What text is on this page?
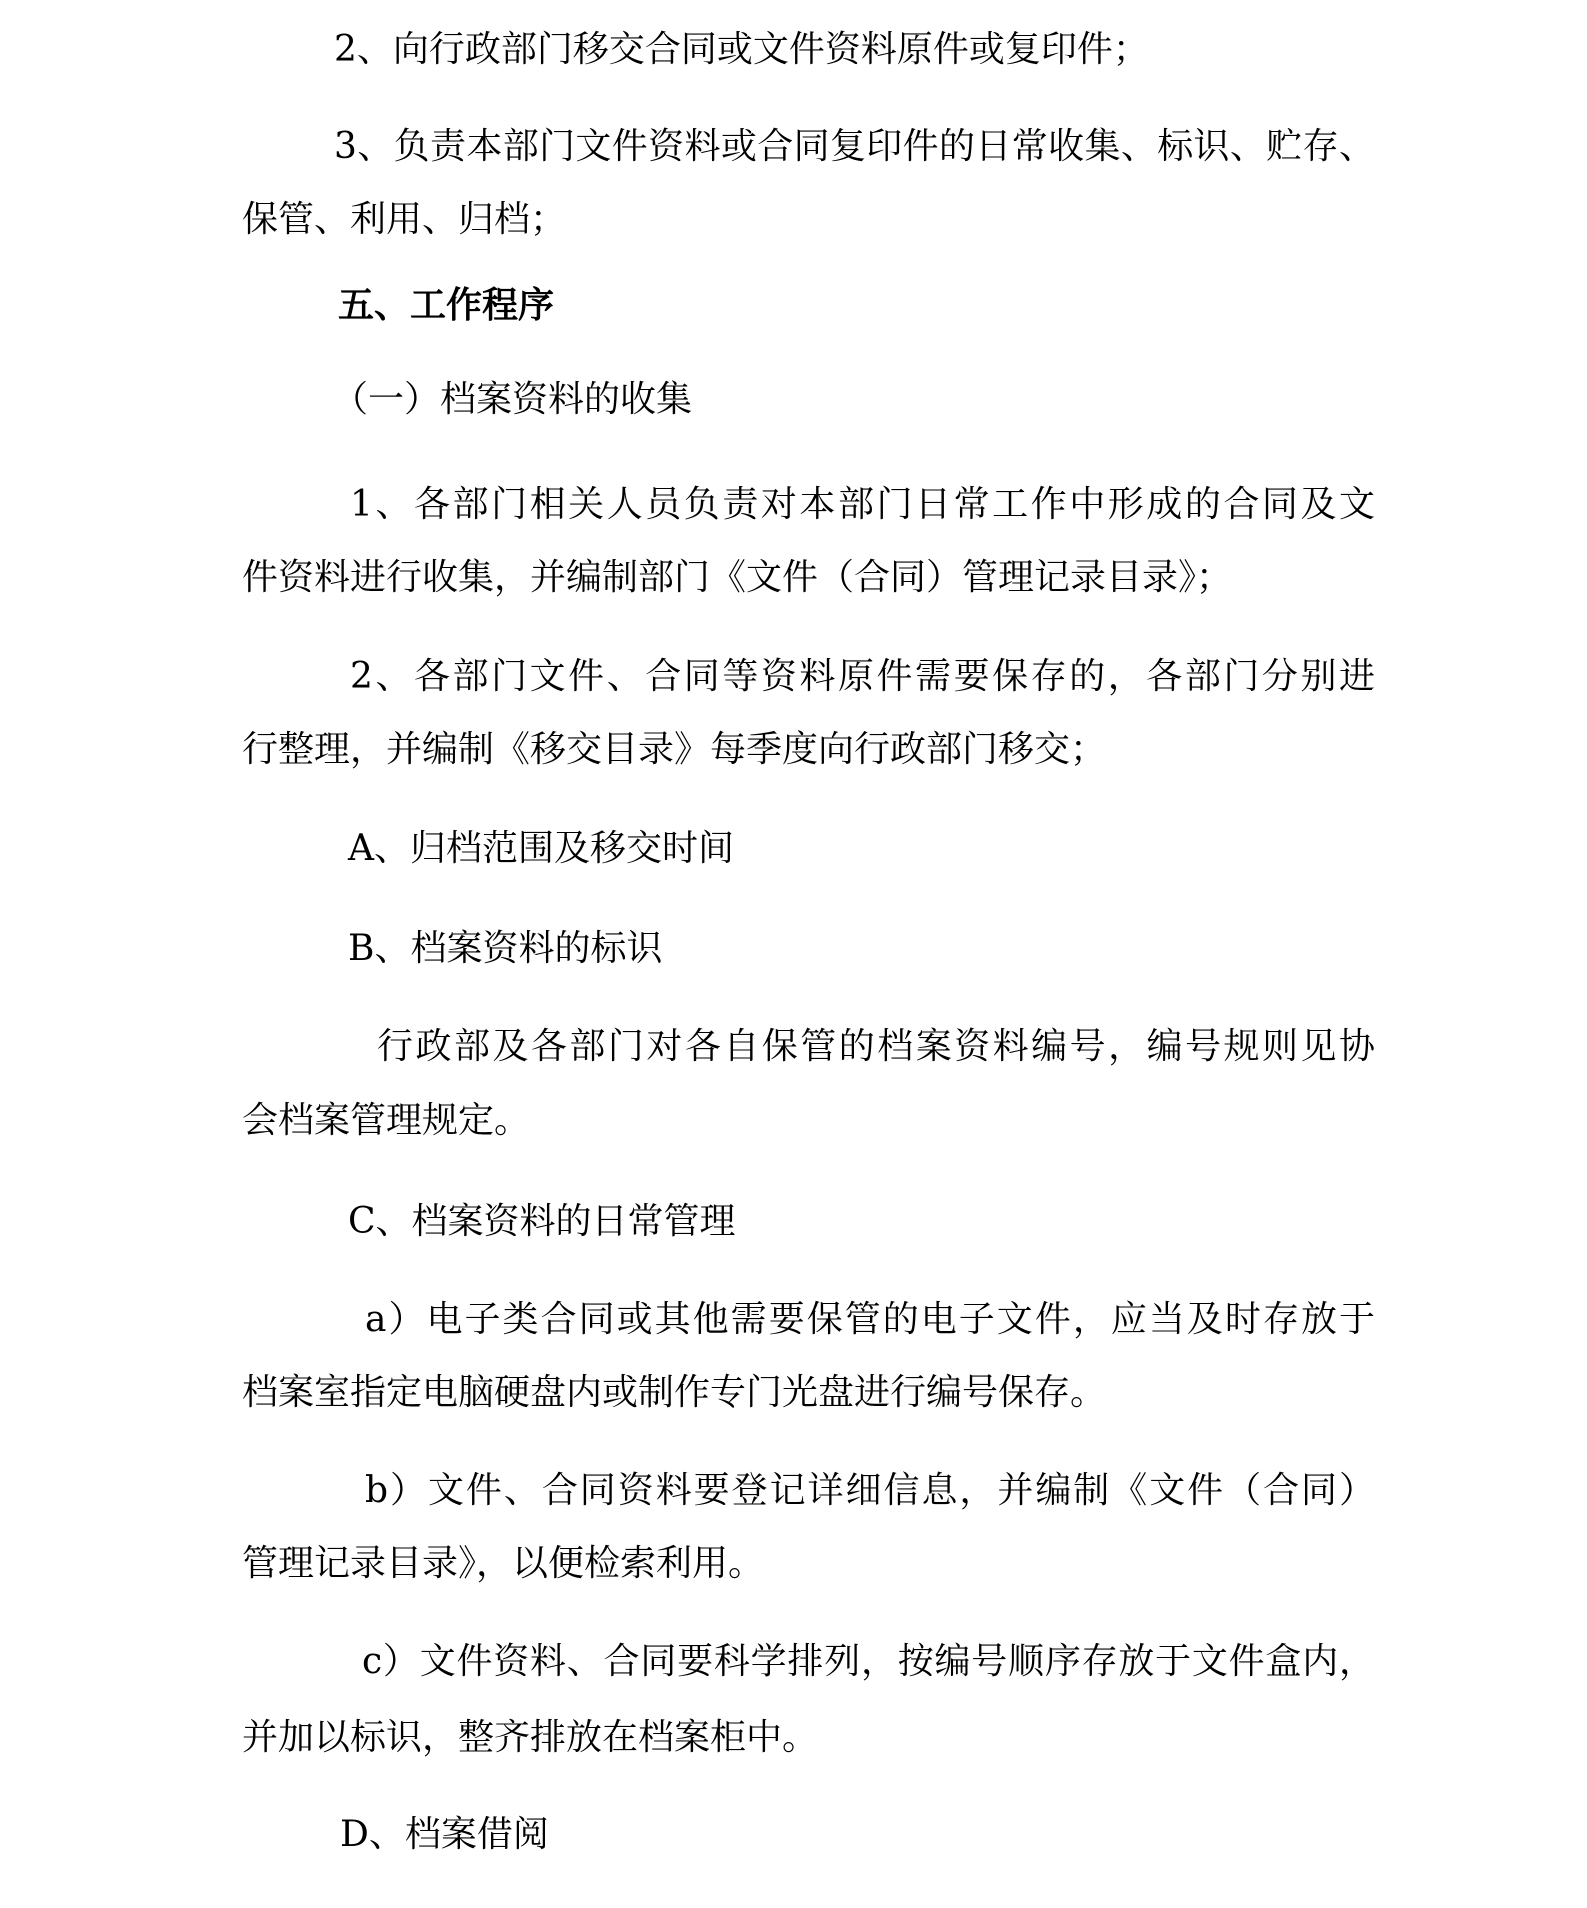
2、向行政部门移交合同或文件资料原件或复印件；
3、负责本部门文件资料或合同复印件的日常收集、标识、贮存、
保管、利用、归档；
五、工作程序
（一）档案资料的收集
1、各部门相关人员负责对本部门日常工作中形成的合同及文
件资料进行收集，并编制部门《文件（合同）管理记录目录》；
2、各部门文件、合同等资料原件需要保存的，各部门分别进
行整理，并编制《移交目录》每季度向行政部门移交；
A、归档范围及移交时间
B、档案资料的标识
行政部及各部门对各自保管的档案资料编号，编号规则见协
会档案管理规定。
C、档案资料的日常管理
a）电子类合同或其他需要保管的电子文件，应当及时存放于
档案室指定电脑硬盘内或制作专门光盘进行编号保存。
b）文件、合同资料要登记详细信息，并编制《文件（合同）
管理记录目录》，以便检索利用。
c）文件资料、合同要科学排列，按编号顺序存放于文件盒内，
并加以标识，整齐排放在档案柜中。
D、档案借阅
